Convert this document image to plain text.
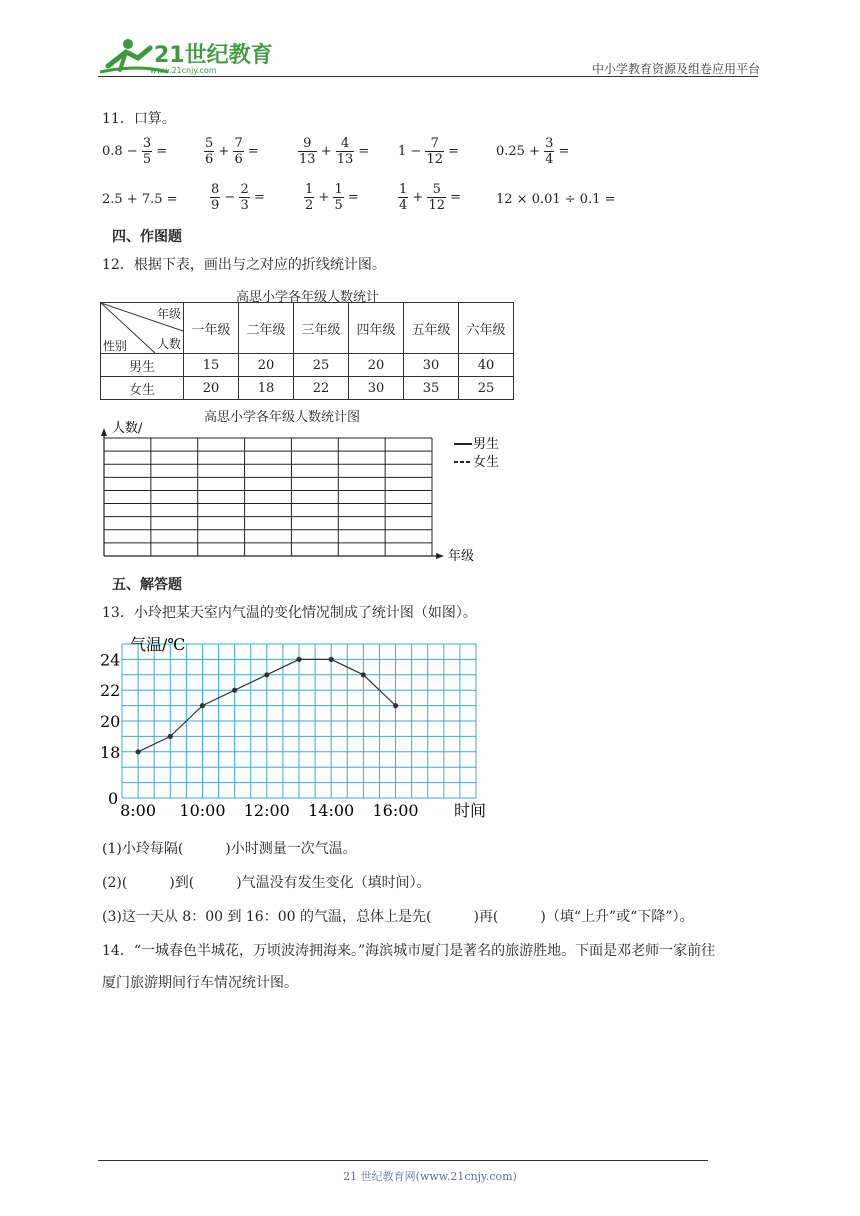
21世纪教育
www.21cnjy.com	中小学教育资源及组卷应用平台
11．口算。
$0.8 - \frac{3}{5}$ =	$\frac{5}{6} + \frac{7}{6}$ =	$\frac{9}{13} + \frac{4}{13} = 1 - \frac{7}{12}$ =	$0.25 + \frac{3}{4}$ =
$2.5 + 7.5 = \frac{8}{9} - \frac{2}{3}$ =	$\frac{1}{2} + \frac{1}{5}$ =	$\frac{1}{4} + \frac{5}{12}$ =	12 × 0.01 ÷ 0.1 =
四、作图题
12．根据下表，画出与之对应的折线统计图。
高思小学各年级人数统计
年级
人数
性别	一年级	二年级	三年级	四年级	五年级	六年级
男生	15	20	25	20	30	40
女生	20	18	22	30	35	25
高思小学各年级人数统计图
人数/
年级
男生
女生
五、解答题
13．小玲把某天室内气温的变化情况制成了统计图（如图）。
0
18
20
22
24
8:00 10:00 12:00 14:00 16:00
气温/℃
时间
(1)小玲每隔(　　　)小时测量一次气温。
(2)(　　　)到(　　　)气温没有发生变化（填时间）。
(3)这一天从 8：00 到 16：00 的气温，总体上是先(　　　)再(　　　)（填“上升”或“下降”）。
14．“一城春色半城花，万顷波涛拥海来。”海滨城市厦门是著名的旅游胜地。下面是邓老师一家前往
厦门旅游期间行车情况统计图。
21 世纪教育网(www.21cnjy.com)
